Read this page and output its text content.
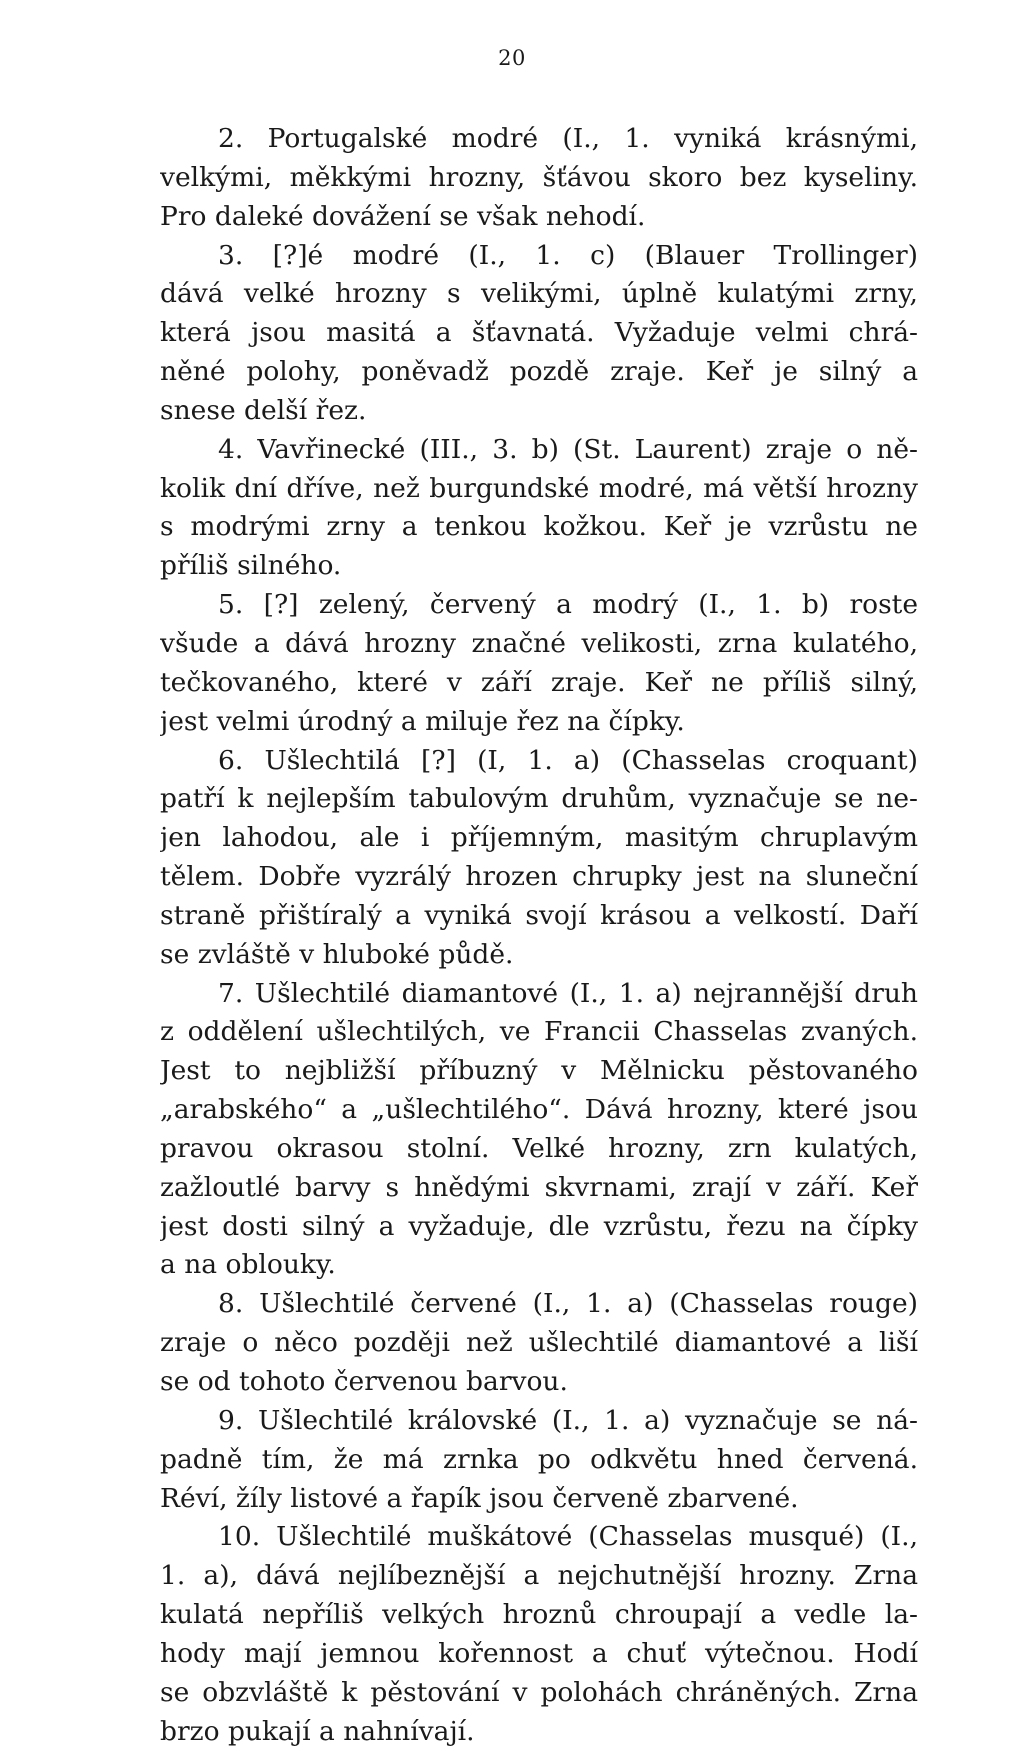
20
2. Portugalské modré (I., 1. vyniká krásnými,
velkými, měkkými hrozny, šťávou skoro bez kyseliny.
Pro daleké dovážení se však nehodí.
3. [?]é modré (I., 1. c) (Blauer Trollinger)
dává velké hrozny s velikými, úplně kulatými zrny,
která jsou masitá a šťavnatá. Vyžaduje velmi chrá-
něné polohy, poněvadž pozdě zraje. Keř je silný a
snese delší řez.
4. Vavřinecké (III., 3. b) (St. Laurent) zraje o ně-
kolik dní dříve, než burgundské modré, má větší hrozny
s modrými zrny a tenkou kožkou. Keř je vzrůstu ne
příliš silného.
5. [?] zelený, červený a modrý (I., 1. b) roste
všude a dává hrozny značné velikosti, zrna kulatého,
tečkovaného, které v září zraje. Keř ne příliš silný,
jest velmi úrodný a miluje řez na čípky.
6. Ušlechtilá [?] (I, 1. a) (Chasselas croquant)
patří k nejlepším tabulovým druhům, vyznačuje se ne-
jen lahodou, ale i příjemným, masitým chruplavým
tělem. Dobře vyzrálý hrozen chrupky jest na sluneční
straně přištíralý a vyniká svojí krásou a velkostí. Daří
se zvláště v hluboké půdě.
7. Ušlechtilé diamantové (I., 1. a) nejrannější druh
z oddělení ušlechtilých, ve Francii Chasselas zvaných.
Jest to nejbližší příbuzný v Mělnicku pěstovaného
„arabského“ a „ušlechtilého“. Dává hrozny, které jsou
pravou okrasou stolní. Velké hrozny, zrn kulatých,
zažloutlé barvy s hnědými skvrnami, zrají v září. Keř
jest dosti silný a vyžaduje, dle vzrůstu, řezu na čípky
a na oblouky.
8. Ušlechtilé červené (I., 1. a) (Chasselas rouge)
zraje o něco později než ušlechtilé diamantové a liší
se od tohoto červenou barvou.
9. Ušlechtilé královské (I., 1. a) vyznačuje se ná-
padně tím, že má zrnka po odkvětu hned červená.
Réví, žíly listové a řapík jsou červeně zbarvené.
10. Ušlechtilé muškátové (Chasselas musqué) (I.,
1. a), dává nejlíbeznější a nejchutnější hrozny. Zrna
kulatá nepříliš velkých hroznů chroupají a vedle la-
hody mají jemnou kořennost a chuť výtečnou. Hodí
se obzvláště k pěstování v polohách chráněných. Zrna
brzo pukají a nahnívají.
